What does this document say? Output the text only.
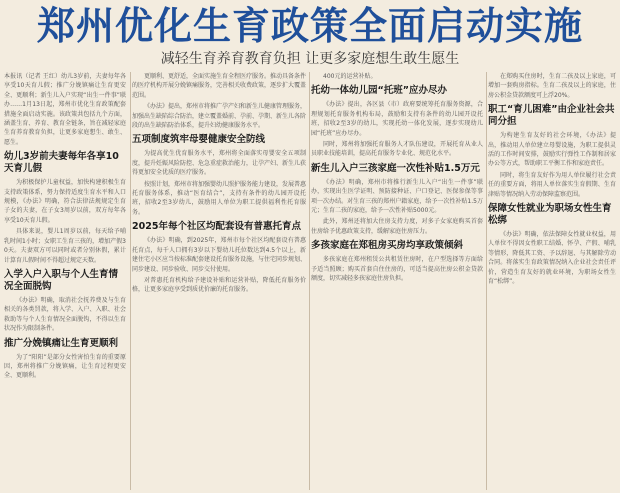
郑州优化生育政策全面启动实施
减轻生育养育教育负担 让更多家庭想生敢生愿生

本报讯（记者 王红）幼儿3岁前，夫妻每年各享受10天育儿假；推广分娩镇痛让生育更安全、更顺利；新生儿入户实现“出生一件事”联办……1月13日起，郑州市优化生育政策配套措施全面启动实施。该政策共包括九个方面，涵盖生育、养育、教育全链条，旨在减轻家庭生育养育教育负担，让更多家庭想生、敢生、愿生。

幼儿3岁前夫妻每年各享10天育儿假

为积极保护儿童权益，加快构建积极生育支持政策体系，努力保持适度生育水平和人口规模，《办法》明确，符合法律法规规定生育子女的夫妻，在子女3周岁以前，双方每年各享受10天育儿假。

具体来说，婴儿1周岁以前，每天给予哺乳时间1小时；女职工生育三孩的，增加产假30天。夫妻双方可以同时或者分别休假，累计计算育儿假时间不得超过规定天数。

入学入户入职与个人生育情况全面脱钩

《办法》明确，取消社会抚养费及与生育相关的各类罚款，将入学、入户、入职、社会救助等与个人生育情况全面脱钩，不得以生育状况作为限制条件。

推广分娩镇痛让生育更顺利

为了“阳阳”是部分女性害怕生育的重要原因，郑州将推广分娩镇痛，让生育过程更安全、更顺利。

更顺利、更舒适，全面实施生育全程医疗服务。推动具备条件的医疗机构开展分娩镇痛服务，完善相关收费政策，逐步扩大覆盖范围。

《办法》提出，郑州市将推广孕产妇和新生儿健康管理服务，加强出生缺陷综合防治，建立覆盖婚前、孕前、孕期、新生儿各阶段的出生缺陷防治体系，提升妇幼健康服务水平。

五项制度筑牢母婴健康安全防线

为提高优生优育服务水平，郑州将全面落实母婴安全五项制度，提升妊娠风险防控、危急重症救治能力，让孕产妇、新生儿获得更加安全优质的医疗服务。

按照计划，郑州市将加强婴幼儿照护服务能力建设，发展普惠托育服务体系，推动“医育结合”，支持有条件的幼儿园开设托班，招收2至3岁幼儿，鼓励用人单位为职工提供福利性托育服务。

2025年每个社区均配套设有普惠托育点

《办法》明确，到2025年，郑州市每个社区均配套设有普惠托育点，每千人口拥有3岁以下婴幼儿托位数达到4.5个以上，新建住宅小区应当按标准配套建设托育服务设施，与住宅同步规划、同步建设、同步验收、同步交付使用。

对普惠托育机构给予建设补贴和运营补贴，降低托育服务价格，让更多家庭享受到质优价廉的托育服务。

400元的运营补贴。

托幼一体幼儿园“托班”应办尽办

《办法》提出，各区县（市）政府要统筹托育服务资源，合理规划托育服务机构布局，鼓励和支持有条件的幼儿园开设托班，招收2至3岁的幼儿，实现托幼一体化发展，逐步实现幼儿园“托班”应办尽办。

同时，郑州将加强托育服务人才队伍建设，开展托育从业人员职业技能培训，提高托育服务专业化、规范化水平。

新生儿入户三孩家庭一次性补贴1.5万元

《办法》明确，郑州市将推行新生儿入户“出生一件事”联办，实现出生医学证明、预防接种证、户口登记、医保参保等事项一次办结。对生育三孩的郑州户籍家庭，给予一次性补贴1.5万元；生育二孩的家庭，给予一次性补贴5000元。

此外，郑州还将加大住房支持力度，对多子女家庭购买首套住房给予优惠政策支持，缓解家庭住房压力。

多孩家庭在郑租房买房均享政策倾斜

多孩家庭在郑州租赁公共租赁住房时，在户型选择等方面给予适当照顾；购买首套自住住房的，可适当提高住房公积金贷款额度，切实减轻多孩家庭住房负担。

在郑购买住房时，生育二孩及以上家庭，可增加一套购房指标。生育二孩及以上的家庭，住房公积金贷款额度可上浮20%。

职工“育儿困难”由企业社会共同分担

为构建生育友好的社会环境，《办法》提出，推动用人单位建立母婴设施，为职工提供灵活的工作时间安排，鼓励实行弹性工作制和居家办公等方式，帮助职工平衡工作和家庭责任。

同时，将生育友好作为用人单位履行社会责任的重要方面，将用人单位落实生育假期、生育津贴等情况纳入劳动保障监察范围。

保障女性就业为职场女性生育松绑

《办法》明确，依法保障女性就业权益，用人单位不得因女性职工结婚、怀孕、产假、哺乳等情形，降低其工资、予以辞退、与其解除劳动合同。将落实生育政策情况纳入企业社会责任评价，营造生育友好的就业环境，为职场女性生育“松绑”。
